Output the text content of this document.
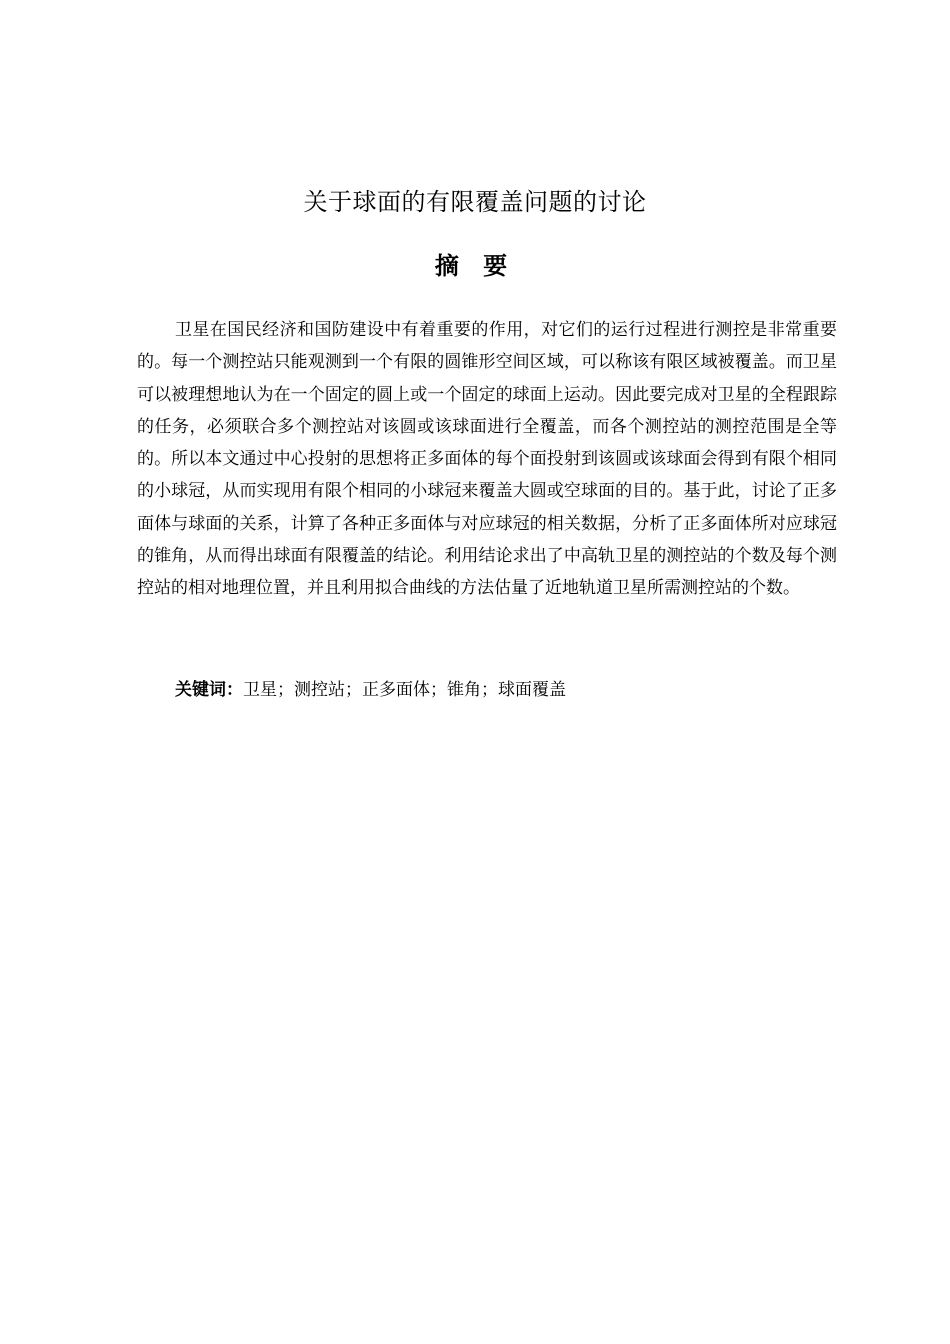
关于球面的有限覆盖问题的讨论
摘 要

卫星在国民经济和国防建设中有着重要的作用，对它们的运行过程进行测控是非常重要的。每一个测控站只能观测到一个有限的圆锥形空间区域，可以称该有限区域被覆盖。而卫星可以被理想地认为在一个固定的圆上或一个固定的球面上运动。因此要完成对卫星的全程跟踪的任务，必须联合多个测控站对该圆或该球面进行全覆盖，而各个测控站的测控范围是全等的。所以本文通过中心投射的思想将正多面体的每个面投射到该圆或该球面会得到有限个相同的小球冠，从而实现用有限个相同的小球冠来覆盖大圆或空球面的目的。基于此，讨论了正多面体与球面的关系，计算了各种正多面体与对应球冠的相关数据，分析了正多面体所对应球冠的锥角，从而得出球面有限覆盖的结论。利用结论求出了中高轨卫星的测控站的个数及每个测控站的相对地理位置，并且利用拟合曲线的方法估量了近地轨道卫星所需测控站的个数。

关键词：卫星；测控站；正多面体；锥角；球面覆盖
